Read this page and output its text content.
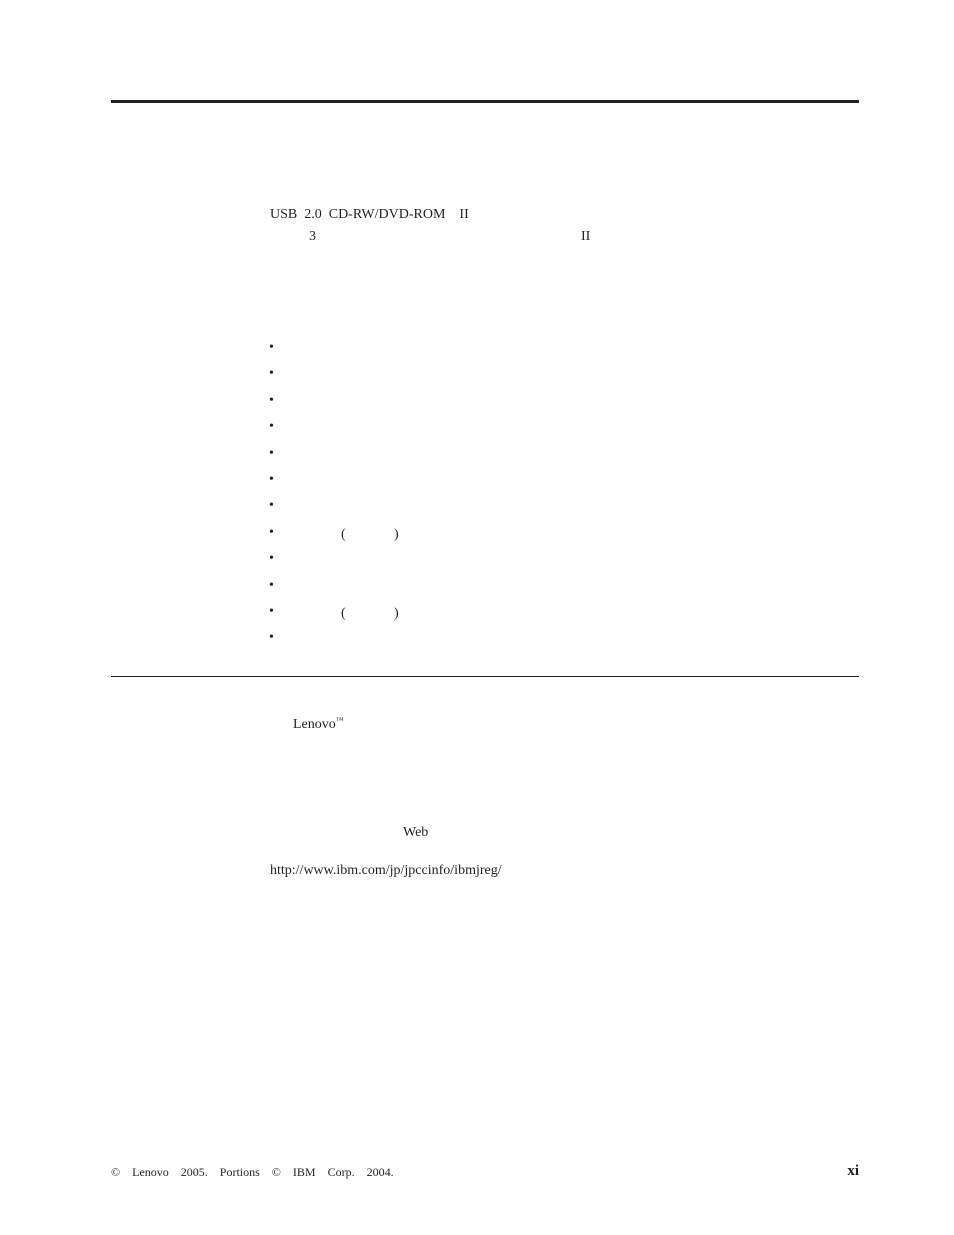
USB  2.0  CD-RW/DVD-ROM    II
3	II
•
•
•
•
•
•
•
•	(	)
•
•
•	(	)
•
Lenovo™
Web
http://www.ibm.com/jp/jpccinfo/ibmjreg/
©  Lenovo  2005.  Portions  ©  IBM  Corp.  2004.	xi
